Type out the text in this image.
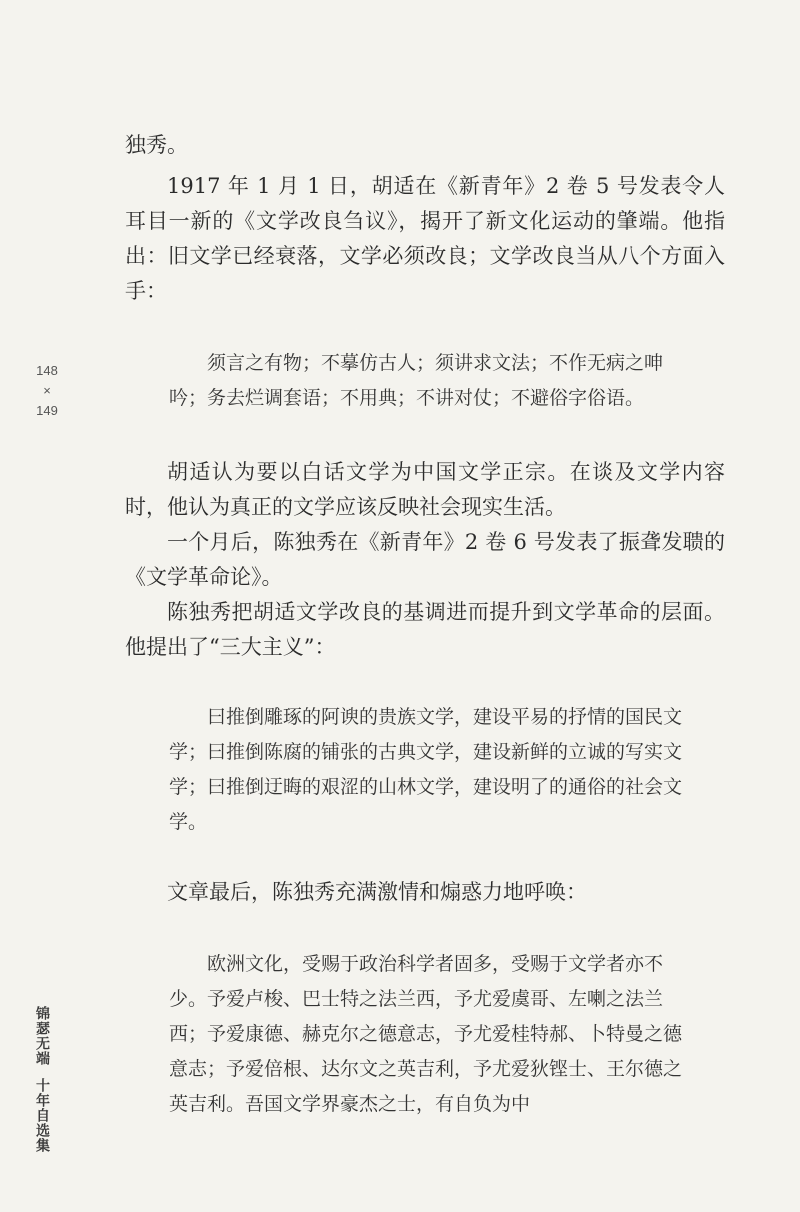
148
×
149
锦瑟无端十年自选集

独秀。

1917 年 1 月 1 日，胡适在《新青年》2 卷 5 号发表令人耳目一新的《文学改良刍议》，揭开了新文化运动的肇端。他指出：旧文学已经衰落，文学必须改良；文学改良当从八个方面入手：

须言之有物；不摹仿古人；须讲求文法；不作无病之呻吟；务去烂调套语；不用典；不讲对仗；不避俗字俗语。

胡适认为要以白话文学为中国文学正宗。在谈及文学内容时，他认为真正的文学应该反映社会现实生活。

一个月后，陈独秀在《新青年》2 卷 6 号发表了振聋发聩的《文学革命论》。

陈独秀把胡适文学改良的基调进而提升到文学革命的层面。他提出了“三大主义”：

曰推倒雕琢的阿谀的贵族文学，建设平易的抒情的国民文学；曰推倒陈腐的铺张的古典文学，建设新鲜的立诚的写实文学；曰推倒迂晦的艰涩的山林文学，建设明了的通俗的社会文学。

文章最后，陈独秀充满激情和煽惑力地呼唤：

欧洲文化，受赐于政治科学者固多，受赐于文学者亦不少。予爱卢梭、巴士特之法兰西，予尤爱虞哥、左喇之法兰西；予爱康德、赫克尔之德意志，予尤爱桂特郝、卜特曼之德意志；予爱倍根、达尔文之英吉利，予尤爱狄铿士、王尔德之英吉利。吾国文学界豪杰之士，有自负为中
